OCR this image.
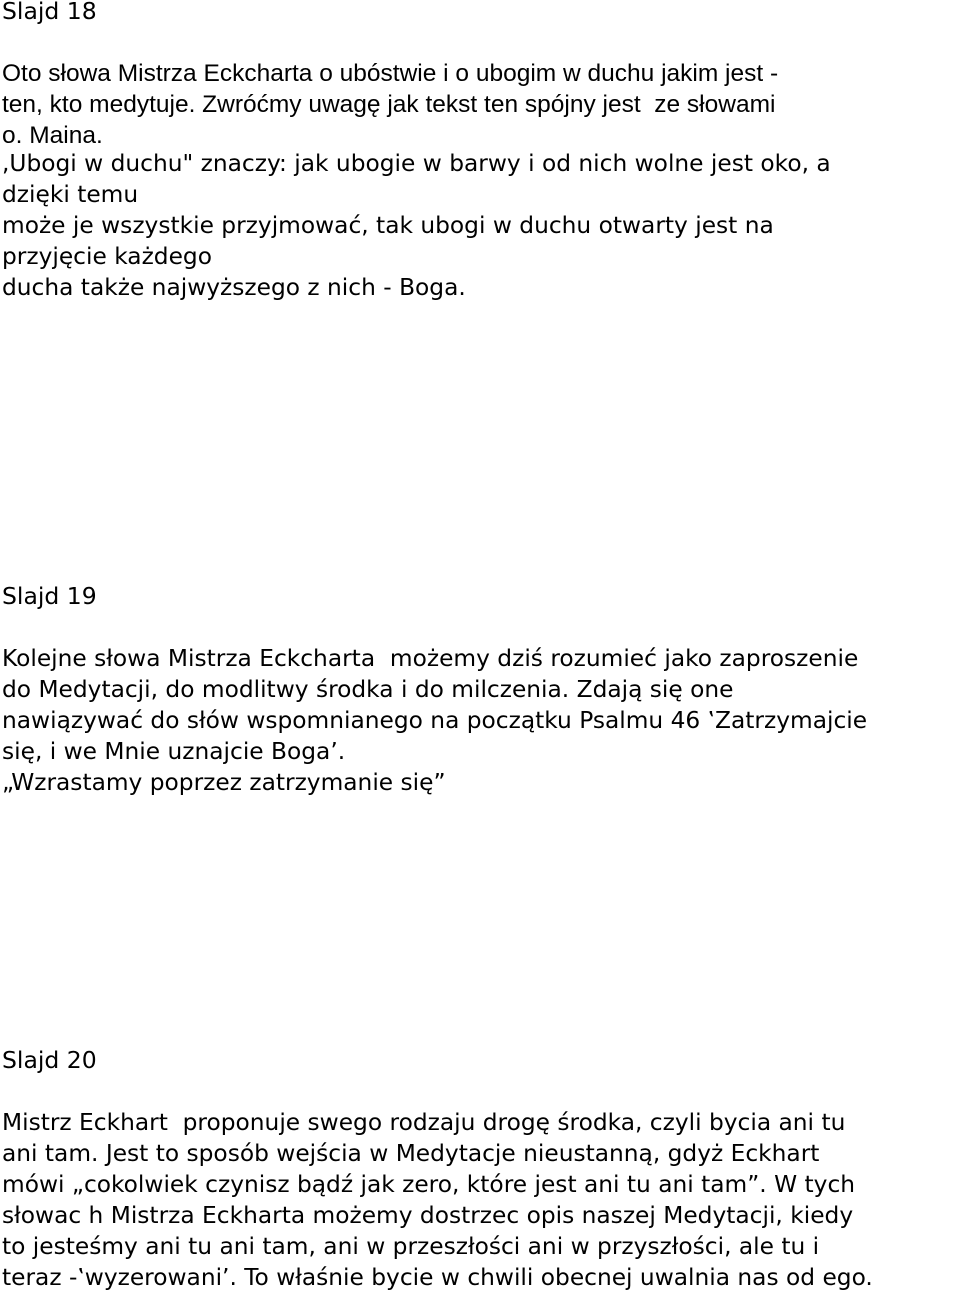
Slajd 18
Oto słowa Mistrza Eckcharta o ubóstwie i o ubogim w duchu jakim jest -
ten, kto medytuje. Zwróćmy uwagę jak tekst ten spójny jest  ze słowami
o. Maina.
,Ubogi w duchu" znaczy: jak ubogie w barwy i od nich wolne jest oko, a
dzięki temu
może je wszystkie przyjmować, tak ubogi w duchu otwarty jest na
przyjęcie każdego
ducha także najwyższego z nich - Boga.
Slajd 19
Kolejne słowa Mistrza Eckcharta  możemy dziś rozumieć jako zaproszenie
do Medytacji, do modlitwy środka i do milczenia. Zdają się one
nawiązywać do słów wspomnianego na początku Psalmu 46 ‛Zatrzymajcie
się, i we Mnie uznajcie Boga’.
„Wzrastamy poprzez zatrzymanie się”
Slajd 20
Mistrz Eckhart  proponuje swego rodzaju drogę środka, czyli bycia ani tu
ani tam. Jest to sposób wejścia w Medytacje nieustanną, gdyż Eckhart
mówi „cokolwiek czynisz bądź jak zero, które jest ani tu ani tam”. W tych
słowac h Mistrza Eckharta możemy dostrzec opis naszej Medytacji, kiedy
to jesteśmy ani tu ani tam, ani w przeszłości ani w przyszłości, ale tu i
teraz -‛wyzerowani’. To właśnie bycie w chwili obecnej uwalnia nas od ego.
